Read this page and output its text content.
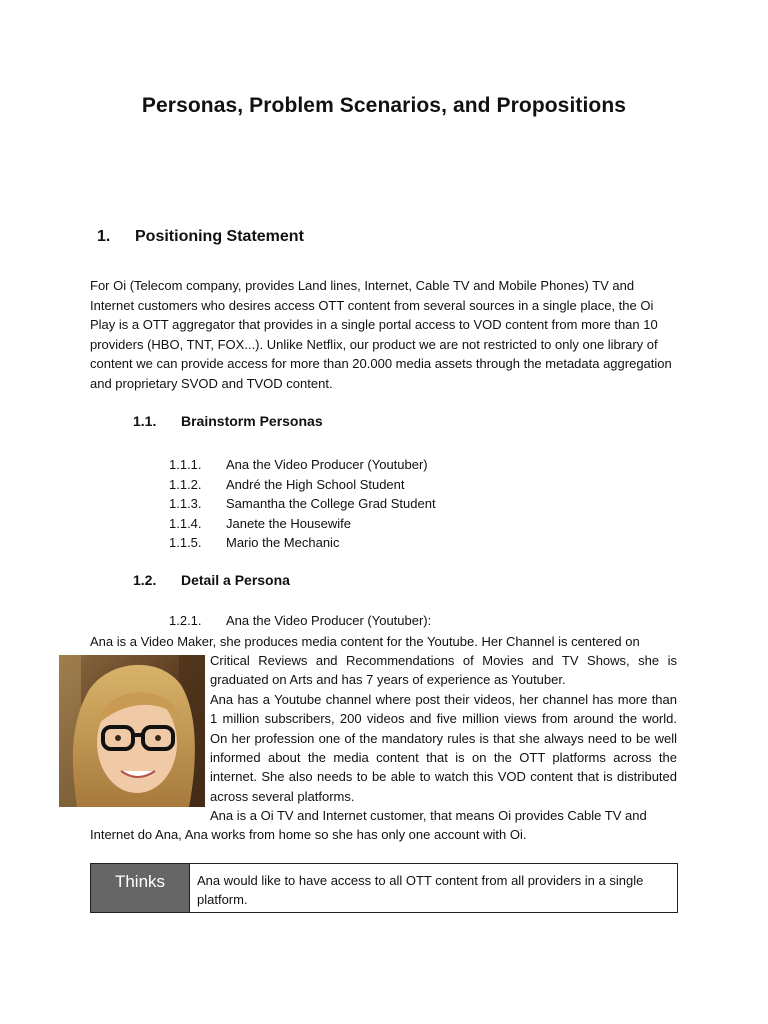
Personas, Problem Scenarios, and Propositions
1. Positioning Statement

For Oi (Telecom company, provides Land lines, Internet, Cable TV and Mobile Phones) TV and Internet customers who desires access OTT content from several sources in a single place, the Oi Play is a OTT aggregator that provides in a single portal access to VOD content from more than 10 providers (HBO, TNT, FOX...). Unlike Netflix, our product we are not restricted to only one library of content we can provide access for more than 20.000 media assets through the metadata aggregation and proprietary SVOD and TVOD content.

1.1. Brainstorm Personas
1.1.1. Ana the Video Producer (Youtuber)
1.1.2. André the High School Student
1.1.3. Samantha the College Grad Student
1.1.4. Janete the Housewife
1.1.5. Mario the Mechanic
1.2. Detail a Persona
1.2.1. Ana the Video Producer (Youtuber):
Ana is a Video Maker, she produces media content for the Youtube. Her Channel is centered on

Critical Reviews and Recommendations of Movies and TV Shows, she is graduated on Arts and has 7 years of experience as Youtuber.

Ana has a Youtube channel where post their videos, her channel has more than 1 million subscribers, 200 videos and five million views from around the world. On her profession one of the mandatory rules is that she always need to be well informed about the media content that is on the OTT platforms across the internet. She also needs to be able to watch this VOD content that is distributed across several platforms.

Ana is a Oi TV and Internet customer, that means Oi provides Cable TV and
Internet do Ana, Ana works from home so she has only one account with Oi.
Thinks	Ana would like to have access to all OTT content from all providers in a single platform.
